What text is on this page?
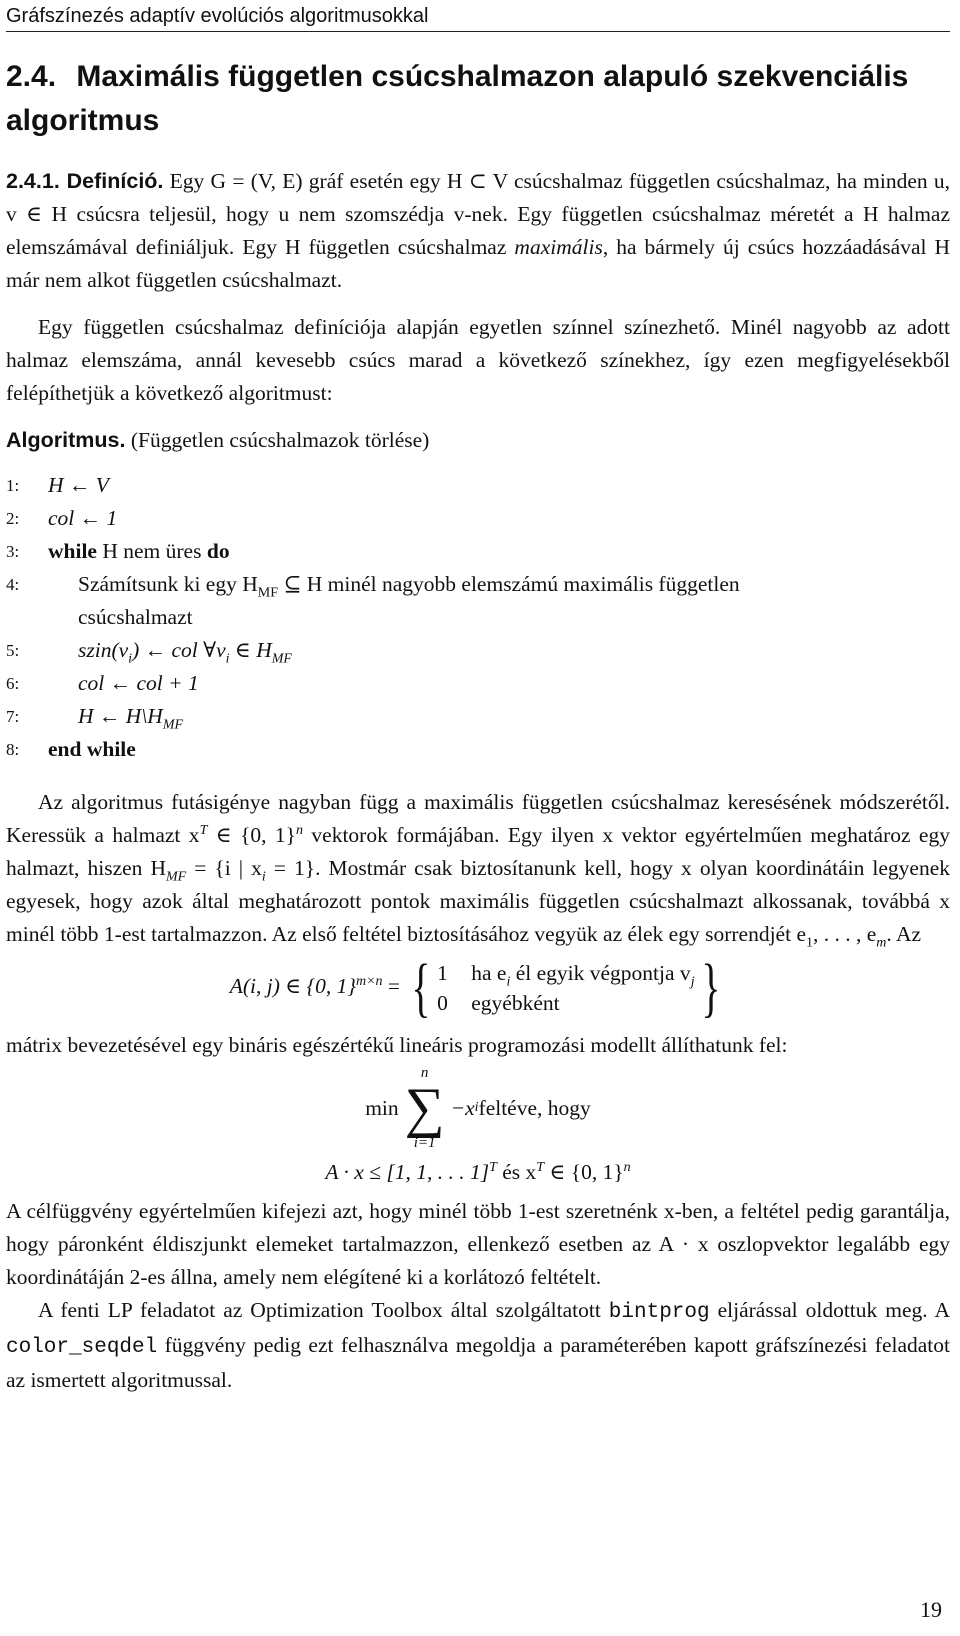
Gráfszínezés adaptív evolúciós algoritmusokkal
2.4. Maximális független csúcshalmazon alapuló szekvenciális algoritmus

2.4.1. Definíció. Egy G = (V, E) gráf esetén egy H ⊂ V csúcshalmaz független csúcshalmaz, ha minden u, v ∈ H csúcsra teljesül, hogy u nem szomszédja v-nek. Egy független csúcshalmaz méretét a H halmaz elemszámával definiáljuk. Egy H független csúcshalmaz maximális, ha bármely új csúcs hozzáadásával H már nem alkot független csúcshalmazt.

Egy független csúcshalmaz definíciója alapján egyetlen színnel színezhető. Minél nagyobb az adott halmaz elemszáma, annál kevesebb csúcs marad a következő színekhez, így ezen megfigyelésekből felépíthetjük a következő algoritmust:

Algoritmus. (Független csúcshalmazok törlése)
1:	H ← V
2:	col ← 1
3:	while H nem üres do
4:	Számítsunk ki egy $H_{MF}$ ⊆ H minél nagyobb elemszámú maximális független
csúcshalmazt
5:	$szin(v_i)$ ← col $\forall v_i$ ∈ $H_{MF}$
6:	col ← col + 1
7:	H ← $H\backslash H_{MF}$
8:	end while

Az algoritmus futásigénye nagyban függ a maximális független csúcshalmaz keresésének módszerétől. Keressük a halmazt $x^T$ ∈ {0, 1}$^n$ vektorok formájában. Egy ilyen x vektor egyértelműen meghatároz egy halmazt, hiszen $H_{MF} = \{i$ | $x_i = 1$}. Mostmár csak biztosítanunk kell, hogy x olyan koordinátáin legyenek egyesek, hogy azok által meghatározott pontok maximális független csúcshalmazt alkossanak, továbbá x minél több 1-est tartalmazzon. Az első feltétel biztosításához vegyük az élek egy sorrendjét $e_1$, . . . , $e_m$. Az

A(i, j) ∈ {0, 1}$^{m\times n}$ = { 1 ha $e_i$ él egyik végpontja $v_j$
0 egyébként	}

mátrix bevezetésével egy bináris egészértékű lineáris programozási modellt állíthatunk fel:

min
n
∑
i=1
−x i feltéve, hogy
A · x ≤ [1, 1, . . . 1]$^T$ és $x^T$ ∈ {0, 1}$^n$

A célfüggvény egyértelműen kifejezi azt, hogy minél több 1-est szeretnénk x-ben, a feltétel pedig garantálja, hogy páronként éldiszjunkt elemeket tartalmazzon, ellenkező esetben az A · x oszlopvektor legalább egy koordinátáján 2-es állna, amely nem elégítené ki a korlátozó feltételt.

A fenti LP feladatot az Optimization Toolbox által szolgáltatott bintprog eljárással oldottuk meg. A color_seqdel függvény pedig ezt felhasználva megoldja a paraméterében kapott gráfszínezési feladatot az ismertett algoritmussal.

19
